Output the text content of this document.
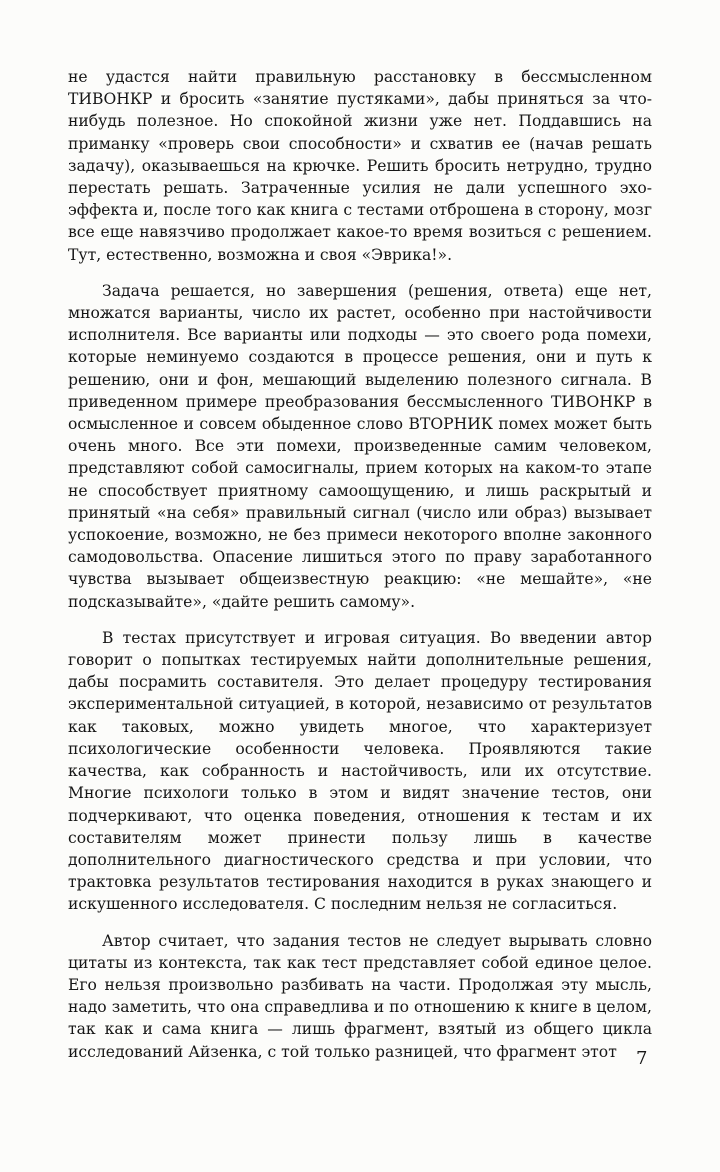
не удастся найти правильную расстановку в бессмысленном ТИВОНКР и бросить «занятие пустяками», дабы приняться за что-нибудь полезное. Но спокойной жизни уже нет. Поддавшись на приманку «проверь свои способности» и схватив ее (начав решать задачу), оказываешься на крючке. Решить бросить нетрудно, трудно перестать решать. Затраченные усилия не дали успешного эхо-эффекта и, после того как книга с тестами отброшена в сторону, мозг все еще навязчиво продолжает какое-то время возиться с решением. Тут, естественно, возможна и своя «Эврика!».

Задача решается, но завершения (решения, ответа) еще нет, множатся варианты, число их растет, особенно при настойчивости исполнителя. Все варианты или подходы — это своего рода помехи, которые неминуемо создаются в процессе решения, они и путь к решению, они и фон, мешающий выделению полезного сигнала. В приведенном примере преобразования бессмысленного ТИВОНКР в осмысленное и совсем обыденное слово ВТОРНИК помех может быть очень много. Все эти помехи, произведенные самим человеком, представляют собой самосигналы, прием которых на каком-то этапе не способствует приятному самоощущению, и лишь раскрытый и принятый «на себя» правильный сигнал (число или образ) вызывает успокоение, возможно, не без примеси некоторого вполне законного самодовольства. Опасение лишиться этого по праву заработанного чувства вызывает общеизвестную реакцию: «не мешайте», «не подсказывайте», «дайте решить самому».

В тестах присутствует и игровая ситуация. Во введении автор говорит о попытках тестируемых найти дополнительные решения, дабы посрамить составителя. Это делает процедуру тестирования экспериментальной ситуацией, в которой, независимо от результатов как таковых, можно увидеть многое, что характеризует психологические особенности человека. Проявляются такие качества, как собранность и настойчивость, или их отсутствие. Многие психологи только в этом и видят значение тестов, они подчеркивают, что оценка поведения, отношения к тестам и их составителям может принести пользу лишь в качестве дополнительного диагностического средства и при условии, что трактовка результатов тестирования находится в руках знающего и искушенного исследователя. С последним нельзя не согласиться.

Автор считает, что задания тестов не следует вырывать словно цитаты из контекста, так как тест представляет собой единое целое. Его нельзя произвольно разбивать на части. Продолжая эту мысль, надо заметить, что она справедлива и по отношению к книге в целом, так как и сама книга — лишь фрагмент, взятый из общего цикла исследований Айзенка, с той только разницей, что фрагмент этот	7
